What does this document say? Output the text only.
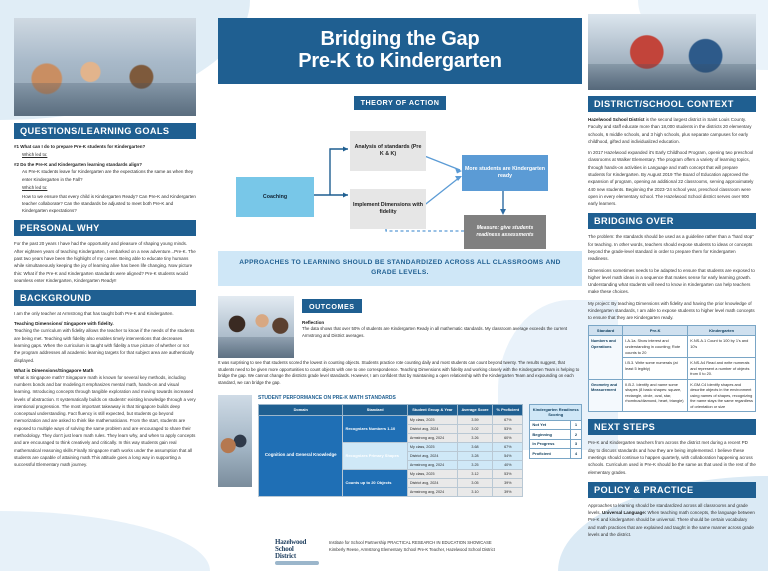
QUESTIONS/LEARNING GOALS
#1 What can I do to prepare Pre-K students for Kindergarten?
Which led to:
#2 Do the Pre-K and Kindergarten learning standards align?
As Pre-K students leave for Kindergarten are the expectations the same as when they enter Kindergarten in the Fall?
Which led to:
How to we ensure that every child is Kindergarten Ready? Can Pre-K and Kindergarten teacher collaborate? Can the standards be adjusted to meet both Pre-K and Kindergarten expectations?
PERSONAL WHY

For the past 20 years I have had the opportunity and pleasure of shaping young minds. After eighteen years of teaching Kindergarten, I embarked on a new adventure...Pre-K. The past two years have been the highlight of my career. Being able to educate tiny humans while simultaneously keeping the joy of learning alive has been life changing. Now picture this: What if the Pre-K and Kindergarten standards were aligned? Pre-K students would seamless enter Kindergarten, Kindergarten Ready!!

BACKGROUND

I am the only teacher at Armstrong that has taught both Pre-K and Kindergarten.

Teaching Dimensions/ Singapore with fidelity.

Teaching the curriculum with fidelity allows the teacher to know if the needs of the students are being met. Teaching with fidelity also enables timely interventions that decreases learning gaps. When the curriculum is taught with fidelity a true picture of whether or not the program addresses all academic learning targets for that subject area are authentically displayed.

What is Dimensions/Singapore Math

What is Singapore math? Singapore math is known for several key methods, including numbers bonds and bar modeling.It emphasizes mental math, hands-on and visual learning. Introducing concepts through tangible exploration and moving towards increased levels of abstraction. It systematically builds on students' existing knowledge through a very intentional progression. The most important takeaway is that Singapore builds deep conceptual understanding. Fact fluency is still expected, but students go beyond memorization and are asked to think like mathematicians. From the start, students are exposed to multiple ways of solving the same problem and are encouraged to share their methodology. They don't just learn math rules. They learn why, and when to apply concepts and are encouraged to think creatively and critically. In this way students gain real mathematical reasoning skills.Finally Singapore math works under the assumption that all students are capable of attaining math.This attitude goes a long way in supporting a successful Elementary math journey.

Bridging the Gap
Pre-K to Kindergarten
THEORY OF ACTION
Coaching
Analysis of standards (Pre K & K)
Implement Dimensions with fidelity
More students are Kindergarten ready
Measure: give students readiness assessments
APPROACHES TO LEARNING SHOULD BE STANDARDIZED ACROSS ALL CLASSROOMS AND GRADE LEVELS.
OUTCOMES
Reflection

The data shows that over 50% of students are Kindergarten Ready in all mathematic standards. My classroom average exceeds the current Armstrong and District averages.

It was surprising to see that students scored the lowest in counting objects. Students practice rote counting daily and most students can count beyond twenty. The results suggest, that students need to be given more opportunities to count objects with one to one correspondence. Teaching Dimensions with fidelity and working closely with the Kindergarten Team is helping to bridge the gap. We cannot change the districts grade level standards. However, I am confident that by maintaining a open relationship with the Kindergarten Team and expounding on each standard, we can bridge the gap.

STUDENT PERFORMANCE ON PRE-K MATH STANDARDS
Domain	Standard	Student Group & Year	Average Score	% Proficient
Cognition and General Knowledge	Recognizes Numbers 1-10	My class, 2025	3.59	67%
		District avg, 2024	3.02	53%
		Armstrong avg, 2024	3.26	60%
	Recognizes Primary Shapes	My class, 2025	3.68	67%
		District avg, 2024	3.28	54%
		Armstrong avg, 2024	3.25	40%
	Counts up to 20 Objects	My class, 2025	3.12	53%
		District avg, 2024	3.05	39%
		Armstrong avg, 2024	3.10	39%
Kindergarten Readiness Scoring	
Not Yet	1
Beginning	2
In Progress	3
Proficient	4
DISTRICT/SCHOOL CONTEXT

Hazelwood School District is the second largest district in Saint Louis County. Faculty and staff educate more than 18,000 students in the districts 20 elementary schools, 6 middle schools, and 3 high schools, plus separate campuses for early childhood, gifted and individualized education.

In 2017 Hazelwood expanded it's Early Childhood Program, opening two preschool classrooms at Walker Elementary. The program offers a variety of learning topics, through hands-on activities in Language and math concept that will prepare students for Kindergarten. By August 2019 The Board of Education approved the expansion of program, opening an additional 22 classrooms, serving approximately 440 new students. Beginning the 2023-'24 school year, preschool classroom were open in every elementary school. The Hazelwood School district serves over 900 early learners.

BRIDGING OVER

The problem: the standards should be used as a guideline rather than a "hard stop" for teaching. In other words, teachers should expose students to ideas or concepts beyond the grade-level standard in order to prepare them for Kindergarten readiness.

Dimensions sometimes needs to be adapted to ensure that students are exposed to higher level math ideas in a sequence that makes sense for early learning growth. Understanding what students will need to know in Kindergarten can help teachers make these choices.

My project: By teaching Dimensions with fidelity and having the prior knowledge of Kindergarten standards, I am able to expose students to higher level math concepts to ensure that they are Kindergarten ready.

Standard	Pre-K	Kindergarten
Numbers and Operations	I.A.1a. Show interest and understanding in counting; Rote counts to 20	K.NS.A.1 Count to 100 by 1's and 10's
	I.B.3. Write some numerals (at least 5 legibly)	K.NS.A4 Read and write numerals and represent a number of objects from 0 to 20.
Geometry and Measurement	II.B.2. Identify and name some shapes (8 basic shapes: square, rectangle, circle, oval, star, rhombus/diamond, heart, triangle)	K.GM.C4 Identify shapes and describe objects in the environment using names of shapes, recognizing the name stays the same regardless of orientation or size
NEXT STEPS

Pre-K and Kindergarten teachers from across the district met during a recent PD day to discuss standards and how they are being implemented. I believe these meetings should continue to happen quarterly, with collaboration happening across schools. Curriculum used in Pre-K should be the same as that used in the rest of the elementary grades.

POLICY & PRACTICE

Approaches to learning should be standardized across all classrooms and grade levels. Universal Language: When teaching math concepts, the language between Pre-K and kindergarten should be universal. There should be certain vocabulary and math practices that are explained and taught in the same manner across grade levels and the district.

Hazelwood
School
District
Institute for School Partnership PRACTICAL RESEARCH IN EDUCATION SHOWCASE
Kimberly Reese, Armstrong Elementary School Pre-K Teacher, Hazelwood School District
